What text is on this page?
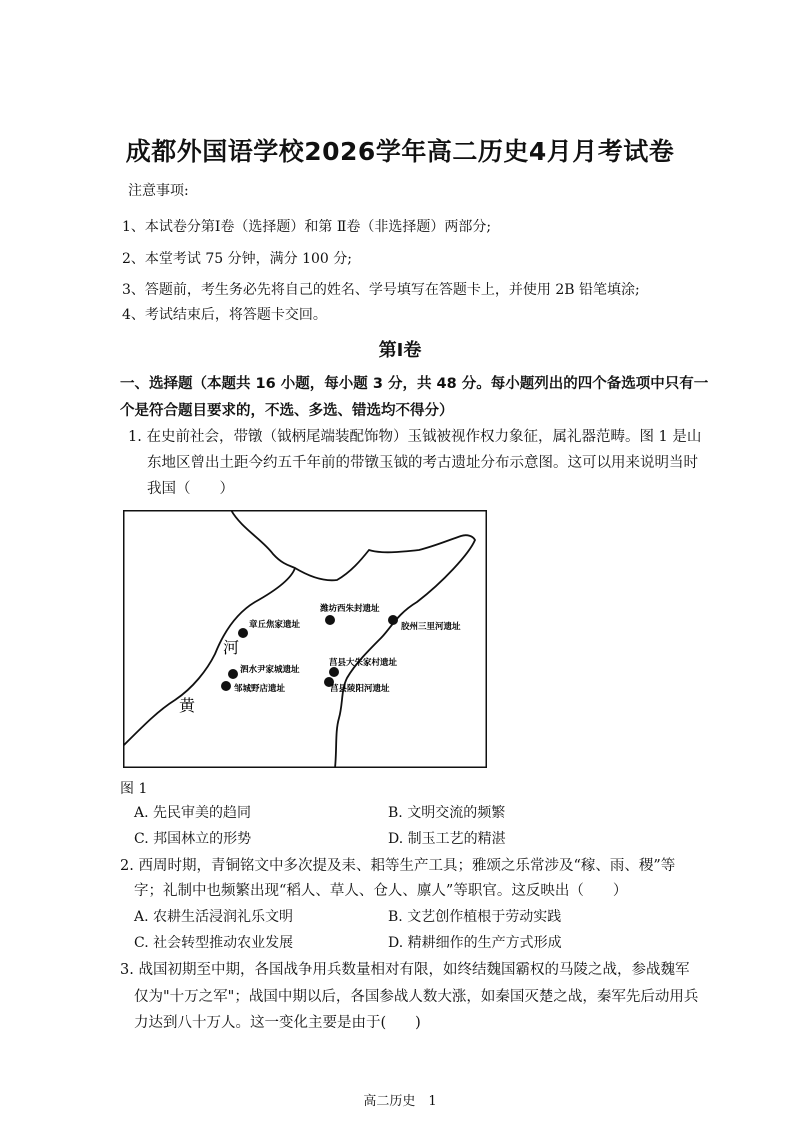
成都外国语学校2026学年高二历史4月月考试卷
注意事项:
1、本试卷分第Ⅰ卷（选择题）和第 Ⅱ卷（非选择题）两部分;
2、本堂考试 75 分钟，满分 100 分;
3、答题前，考生务必先将自己的姓名、学号填写在答题卡上，并使用 2B 铅笔填涂;
4、考试结束后，将答题卡交回。
第Ⅰ卷
一、选择题（本题共 16 小题，每小题 3 分，共 48 分。每小题列出的四个备选项中只有一
个是符合题目要求的，不选、多选、错选均不得分）
1. 在史前社会，带镦（钺柄尾端装配饰物）玉钺被视作权力象征，属礼器范畴。图 1 是山
东地区曾出土距今约五千年前的带镦玉钺的考古遗址分布示意图。这可以用来说明当时
我国（　　）
章丘焦家遗址
潍坊西朱封遗址
胶州三里河遗址
泗水尹家城遗址
邹城野店遗址
莒县大朱家村遗址
莒县陵阳河遗址
河
黄
图 1
A. 先民审美的趋同	B. 文明交流的频繁
C. 邦国林立的形势	D. 制玉工艺的精湛
2. 西周时期，青铜铭文中多次提及耒、耜等生产工具；雅颂之乐常涉及“稼、雨、稷”等
字；礼制中也频繁出现“稻人、草人、仓人、廪人”等职官。这反映出（　　）
A. 农耕生活浸润礼乐文明	B. 文艺创作植根于劳动实践
C. 社会转型推动农业发展	D. 精耕细作的生产方式形成
3. 战国初期至中期，各国战争用兵数量相对有限，如终结魏国霸权的马陵之战，参战魏军
仅为"十万之军"；战国中期以后，各国参战人数大涨，如秦国灭楚之战，秦军先后动用兵
力达到八十万人。这一变化主要是由于(　　)
高二历史　1
